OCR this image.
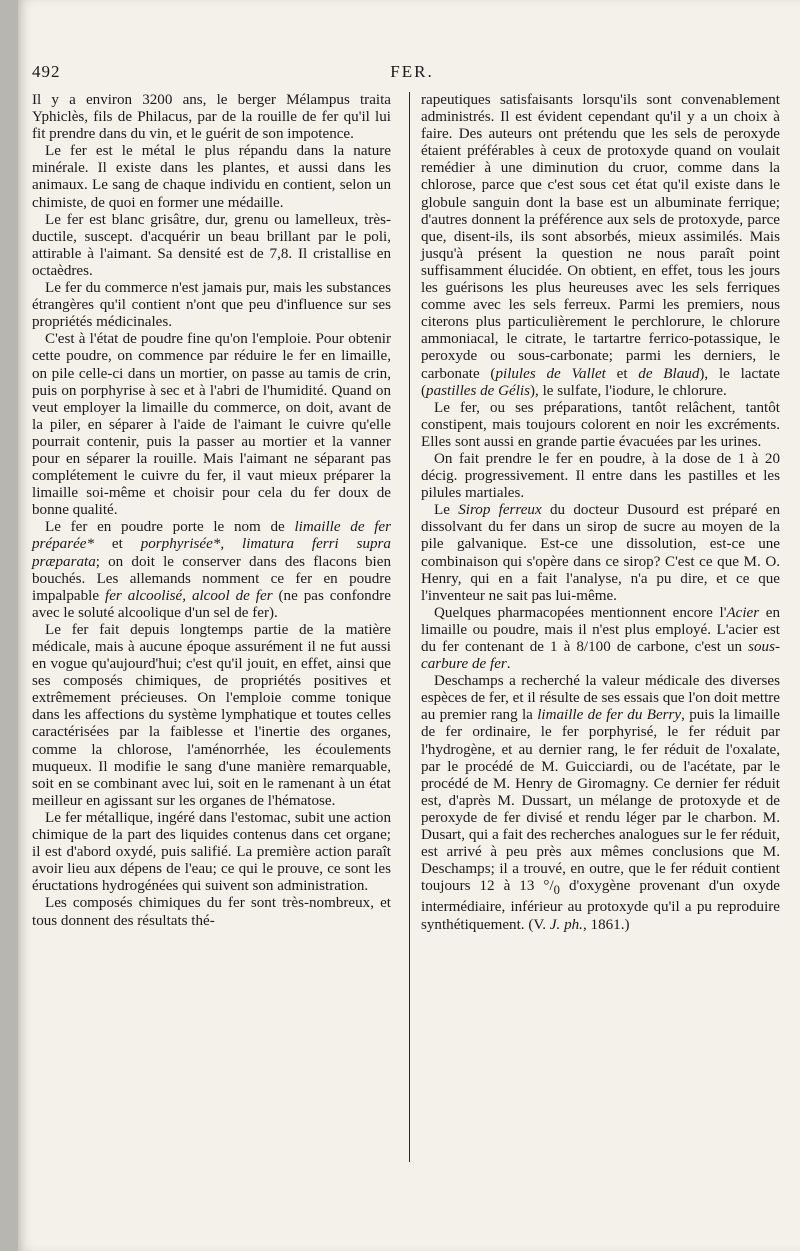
FER.
492

Il y a environ 3200 ans, le berger Mélampus traita Yphiclès, fils de Philacus, par de la rouille de fer qu'il lui fit prendre dans du vin, et le guérit de son impotence.

Le fer est le métal le plus répandu dans la nature minérale. Il existe dans les plantes, et aussi dans les animaux. Le sang de chaque individu en contient, selon un chimiste, de quoi en former une médaille.

Le fer est blanc grisâtre, dur, grenu ou lamelleux, très-ductile, suscept. d'acquérir un beau brillant par le poli, attirable à l'aimant. Sa densité est de 7,8. Il cristallise en octaèdres.

Le fer du commerce n'est jamais pur, mais les substances étrangères qu'il contient n'ont que peu d'influence sur ses propriétés médicinales.

C'est à l'état de poudre fine qu'on l'emploie. Pour obtenir cette poudre, on commence par réduire le fer en limaille, on pile celle-ci dans un mortier, on passe au tamis de crin, puis on porphyrise à sec et à l'abri de l'humidité. Quand on veut employer la limaille du commerce, on doit, avant de la piler, en séparer à l'aide de l'aimant le cuivre qu'elle pourrait contenir, puis la passer au mortier et la vanner pour en séparer la rouille. Mais l'aimant ne séparant pas complétement le cuivre du fer, il vaut mieux préparer la limaille soi-même et choisir pour cela du fer doux de bonne qualité.

Le fer en poudre porte le nom de limaille de fer préparée* et porphyrisée*, limatura ferri supra præparata; on doit le conserver dans des flacons bien bouchés. Les allemands nomment ce fer en poudre impalpable fer alcoolisé, alcool de fer (ne pas confondre avec le soluté alcoolique d'un sel de fer).

Le fer fait depuis longtemps partie de la matière médicale, mais à aucune époque assurément il ne fut aussi en vogue qu'aujourd'hui; c'est qu'il jouit, en effet, ainsi que ses composés chimiques, de propriétés positives et extrêmement précieuses. On l'emploie comme tonique dans les affections du système lymphatique et toutes celles caractérisées par la faiblesse et l'inertie des organes, comme la chlorose, l'aménorrhée, les écoulements muqueux. Il modifie le sang d'une manière remarquable, soit en se combinant avec lui, soit en le ramenant à un état meilleur en agissant sur les organes de l'hématose.

Le fer métallique, ingéré dans l'estomac, subit une action chimique de la part des liquides contenus dans cet organe; il est d'abord oxydé, puis salifié. La première action paraît avoir lieu aux dépens de l'eau; ce qui le prouve, ce sont les éructations hydrogénées qui suivent son administration.

Les composés chimiques du fer sont très-nombreux, et tous donnent des résultats thé-

rapeutiques satisfaisants lorsqu'ils sont convenablement administrés. Il est évident cependant qu'il y a un choix à faire. Des auteurs ont prétendu que les sels de peroxyde étaient préférables à ceux de protoxyde quand on voulait remédier à une diminution du cruor, comme dans la chlorose, parce que c'est sous cet état qu'il existe dans le globule sanguin dont la base est un albuminate ferrique; d'autres donnent la préférence aux sels de protoxyde, parce que, disent-ils, ils sont absorbés, mieux assimilés. Mais jusqu'à présent la question ne nous paraît point suffisamment élucidée. On obtient, en effet, tous les jours les guérisons les plus heureuses avec les sels ferriques comme avec les sels ferreux. Parmi les premiers, nous citerons plus particulièrement le perchlorure, le chlorure ammoniacal, le citrate, le tartartre ferrico-potassique, le peroxyde ou sous-carbonate; parmi les derniers, le carbonate (pilules de Vallet et de Blaud), le lactate (pastilles de Gélis), le sulfate, l'iodure, le chlorure.

Le fer, ou ses préparations, tantôt relâchent, tantôt constipent, mais toujours colorent en noir les excréments. Elles sont aussi en grande partie évacuées par les urines.

On fait prendre le fer en poudre, à la dose de 1 à 20 décig. progressivement. Il entre dans les pastilles et les pilules martiales.

Le Sirop ferreux du docteur Dusourd est préparé en dissolvant du fer dans un sirop de sucre au moyen de la pile galvanique. Est-ce une dissolution, est-ce une combinaison qui s'opère dans ce sirop? C'est ce que M. O. Henry, qui en a fait l'analyse, n'a pu dire, et ce que l'inventeur ne sait pas lui-même.

Quelques pharmacopées mentionnent encore l'Acier en limaille ou poudre, mais il n'est plus employé. L'acier est du fer contenant de 1 à 8/100 de carbone, c'est un sous-carbure de fer.

Deschamps a recherché la valeur médicale des diverses espèces de fer, et il résulte de ses essais que l'on doit mettre au premier rang la limaille de fer du Berry, puis la limaille de fer ordinaire, le fer porphyrisé, le fer réduit par l'hydrogène, et au dernier rang, le fer réduit de l'oxalate, par le procédé de M. Guicciardi, ou de l'acétate, par le procédé de M. Henry de Giromagny. Ce dernier fer réduit est, d'après M. Dussart, un mélange de protoxyde et de peroxyde de fer divisé et rendu léger par le charbon. M. Dusart, qui a fait des recherches analogues sur le fer réduit, est arrivé à peu près aux mêmes conclusions que M. Deschamps; il a trouvé, en outre, que le fer réduit contient toujours 12 à 13 $^\circ/_0$ d'oxygène provenant d'un oxyde intermédiaire, inférieur au protoxyde qu'il a pu reproduire synthétiquement. (V. J. ph., 1861.)
